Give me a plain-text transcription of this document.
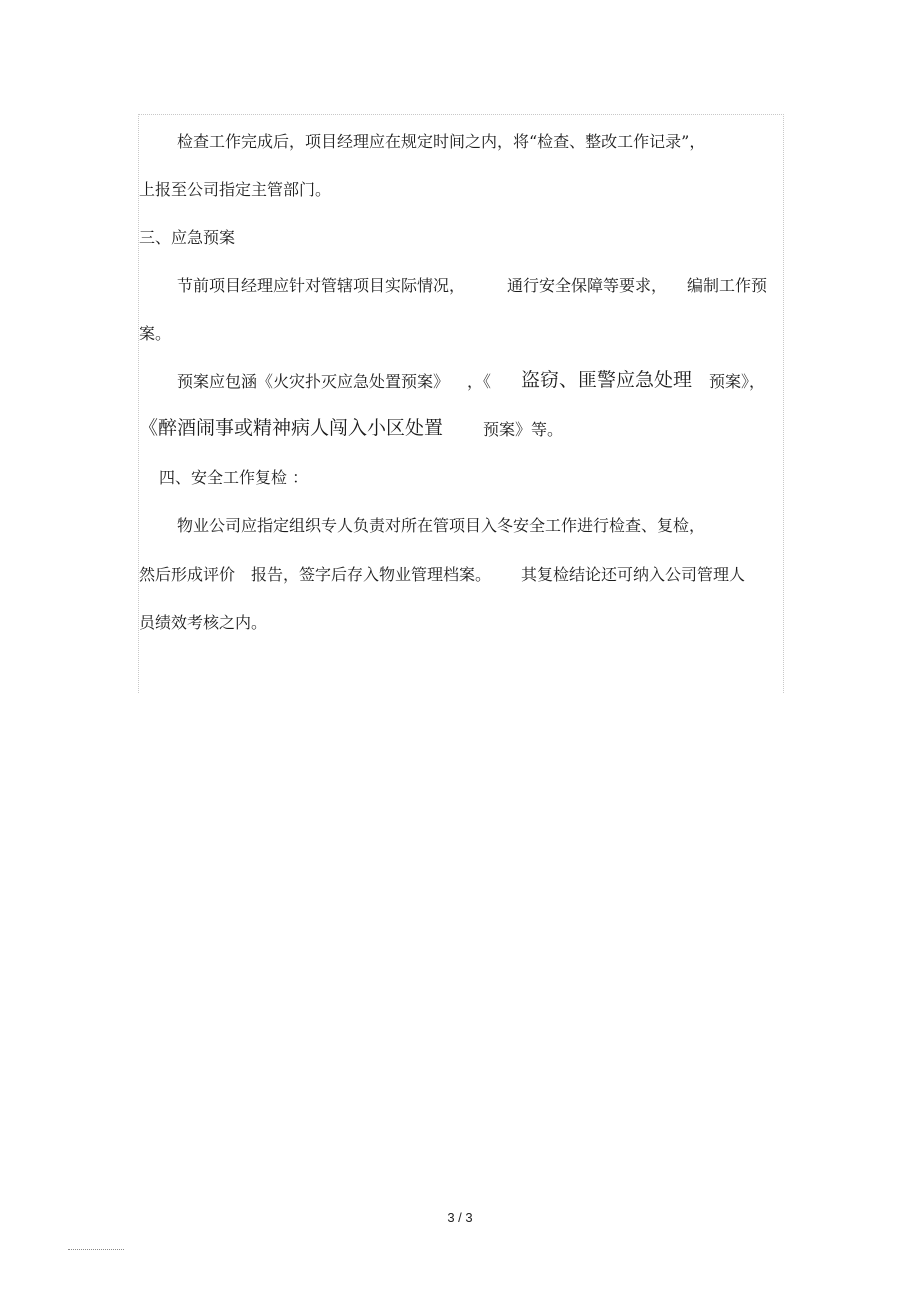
检查工作完成后，项目经理应在规定时间之内，将“检查、整改工作记录”，
上报至公司指定主管部门。
三、应急预案
节前项目经理应针对管辖项目实际情况，	通行安全保障等要求， 编制工作预
案。
预案应包涵《火灾扑灭应急处置预案》 ，《 盗窃、匪警应急处理 预案》，
《醉酒闹事或精神病人闯入小区处置 预案》等。
四、安全工作复检 ：
物业公司应指定组织专人负责对所在管项目入冬安全工作进行检查、复检，
然后形成评价 报告，签字后存入物业管理档案。 其复检结论还可纳入公司管理人
员绩效考核之内。
3 / 3
